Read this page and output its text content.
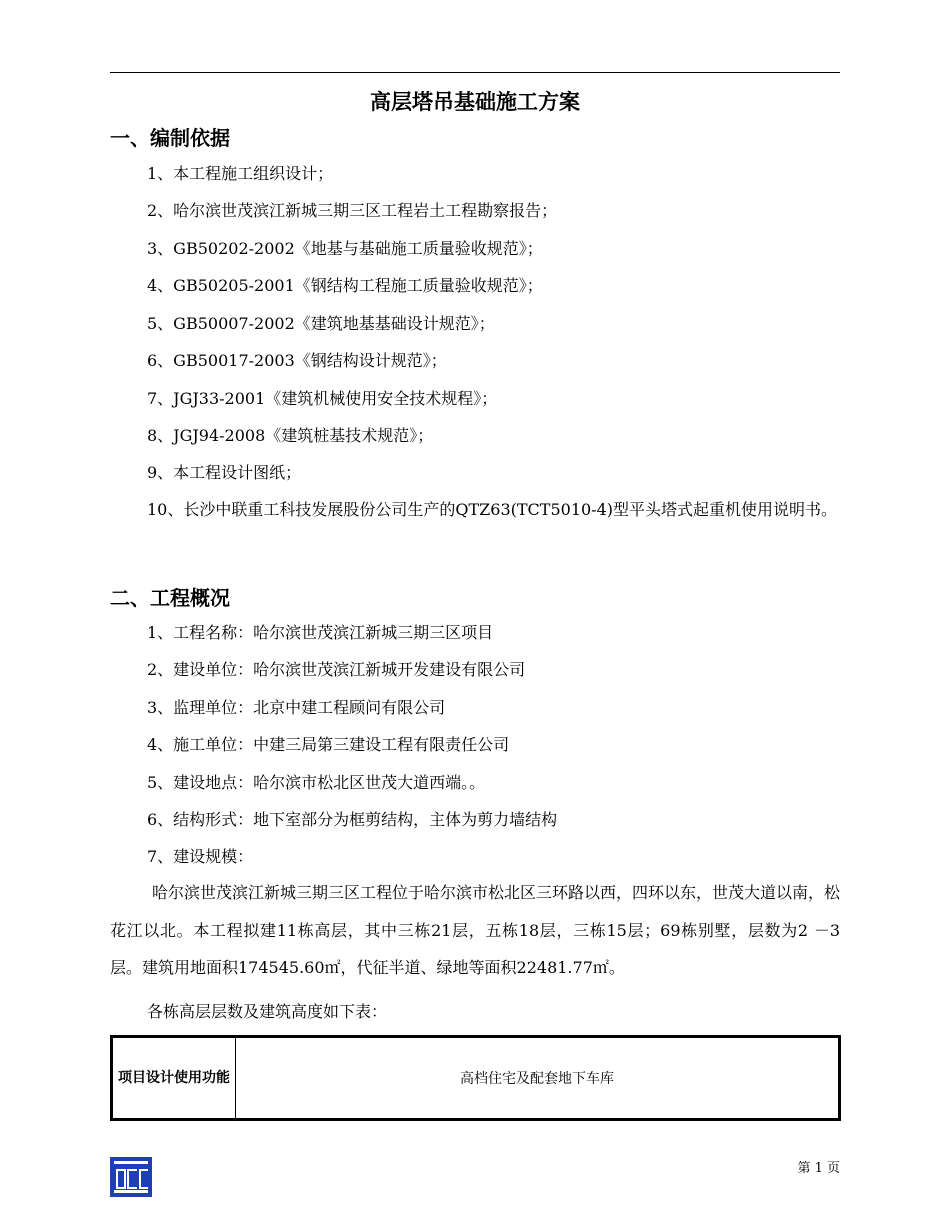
高层塔吊基础施工方案
一、编制依据
1、本工程施工组织设计；
2、哈尔滨世茂滨江新城三期三区工程岩土工程勘察报告；
3、GB50202-2002《地基与基础施工质量验收规范》；
4、GB50205-2001《钢结构工程施工质量验收规范》；
5、GB50007-2002《建筑地基基础设计规范》；
6、GB50017-2003《钢结构设计规范》；
7、JGJ33-2001《建筑机械使用安全技术规程》；
8、JGJ94-2008《建筑桩基技术规范》；
9、本工程设计图纸；

10、长沙中联重工科技发展股份公司生产的QTZ63(TCT5010-4)型平头塔式起重机使用说明书。

二、工程概况
1、工程名称：哈尔滨世茂滨江新城三期三区项目
2、建设单位：哈尔滨世茂滨江新城开发建设有限公司
3、监理单位：北京中建工程顾问有限公司
4、施工单位：中建三局第三建设工程有限责任公司
5、建设地点：哈尔滨市松北区世茂大道西端。。
6、结构形式：地下室部分为框剪结构，主体为剪力墙结构
7、建设规模：

哈尔滨世茂滨江新城三期三区工程位于哈尔滨市松北区三环路以西，四环以东，世茂大道以南，松花江以北。本工程拟建11栋高层，其中三栋21层，五栋18层，三栋15层；69栋别墅，层数为2 －3层。建筑用地面积174545.60㎡，代征半道、绿地等面积22481.77㎡。

各栋高层层数及建筑高度如下表：
项目设计使用功能	高档住宅及配套地下车库
第 1 页
